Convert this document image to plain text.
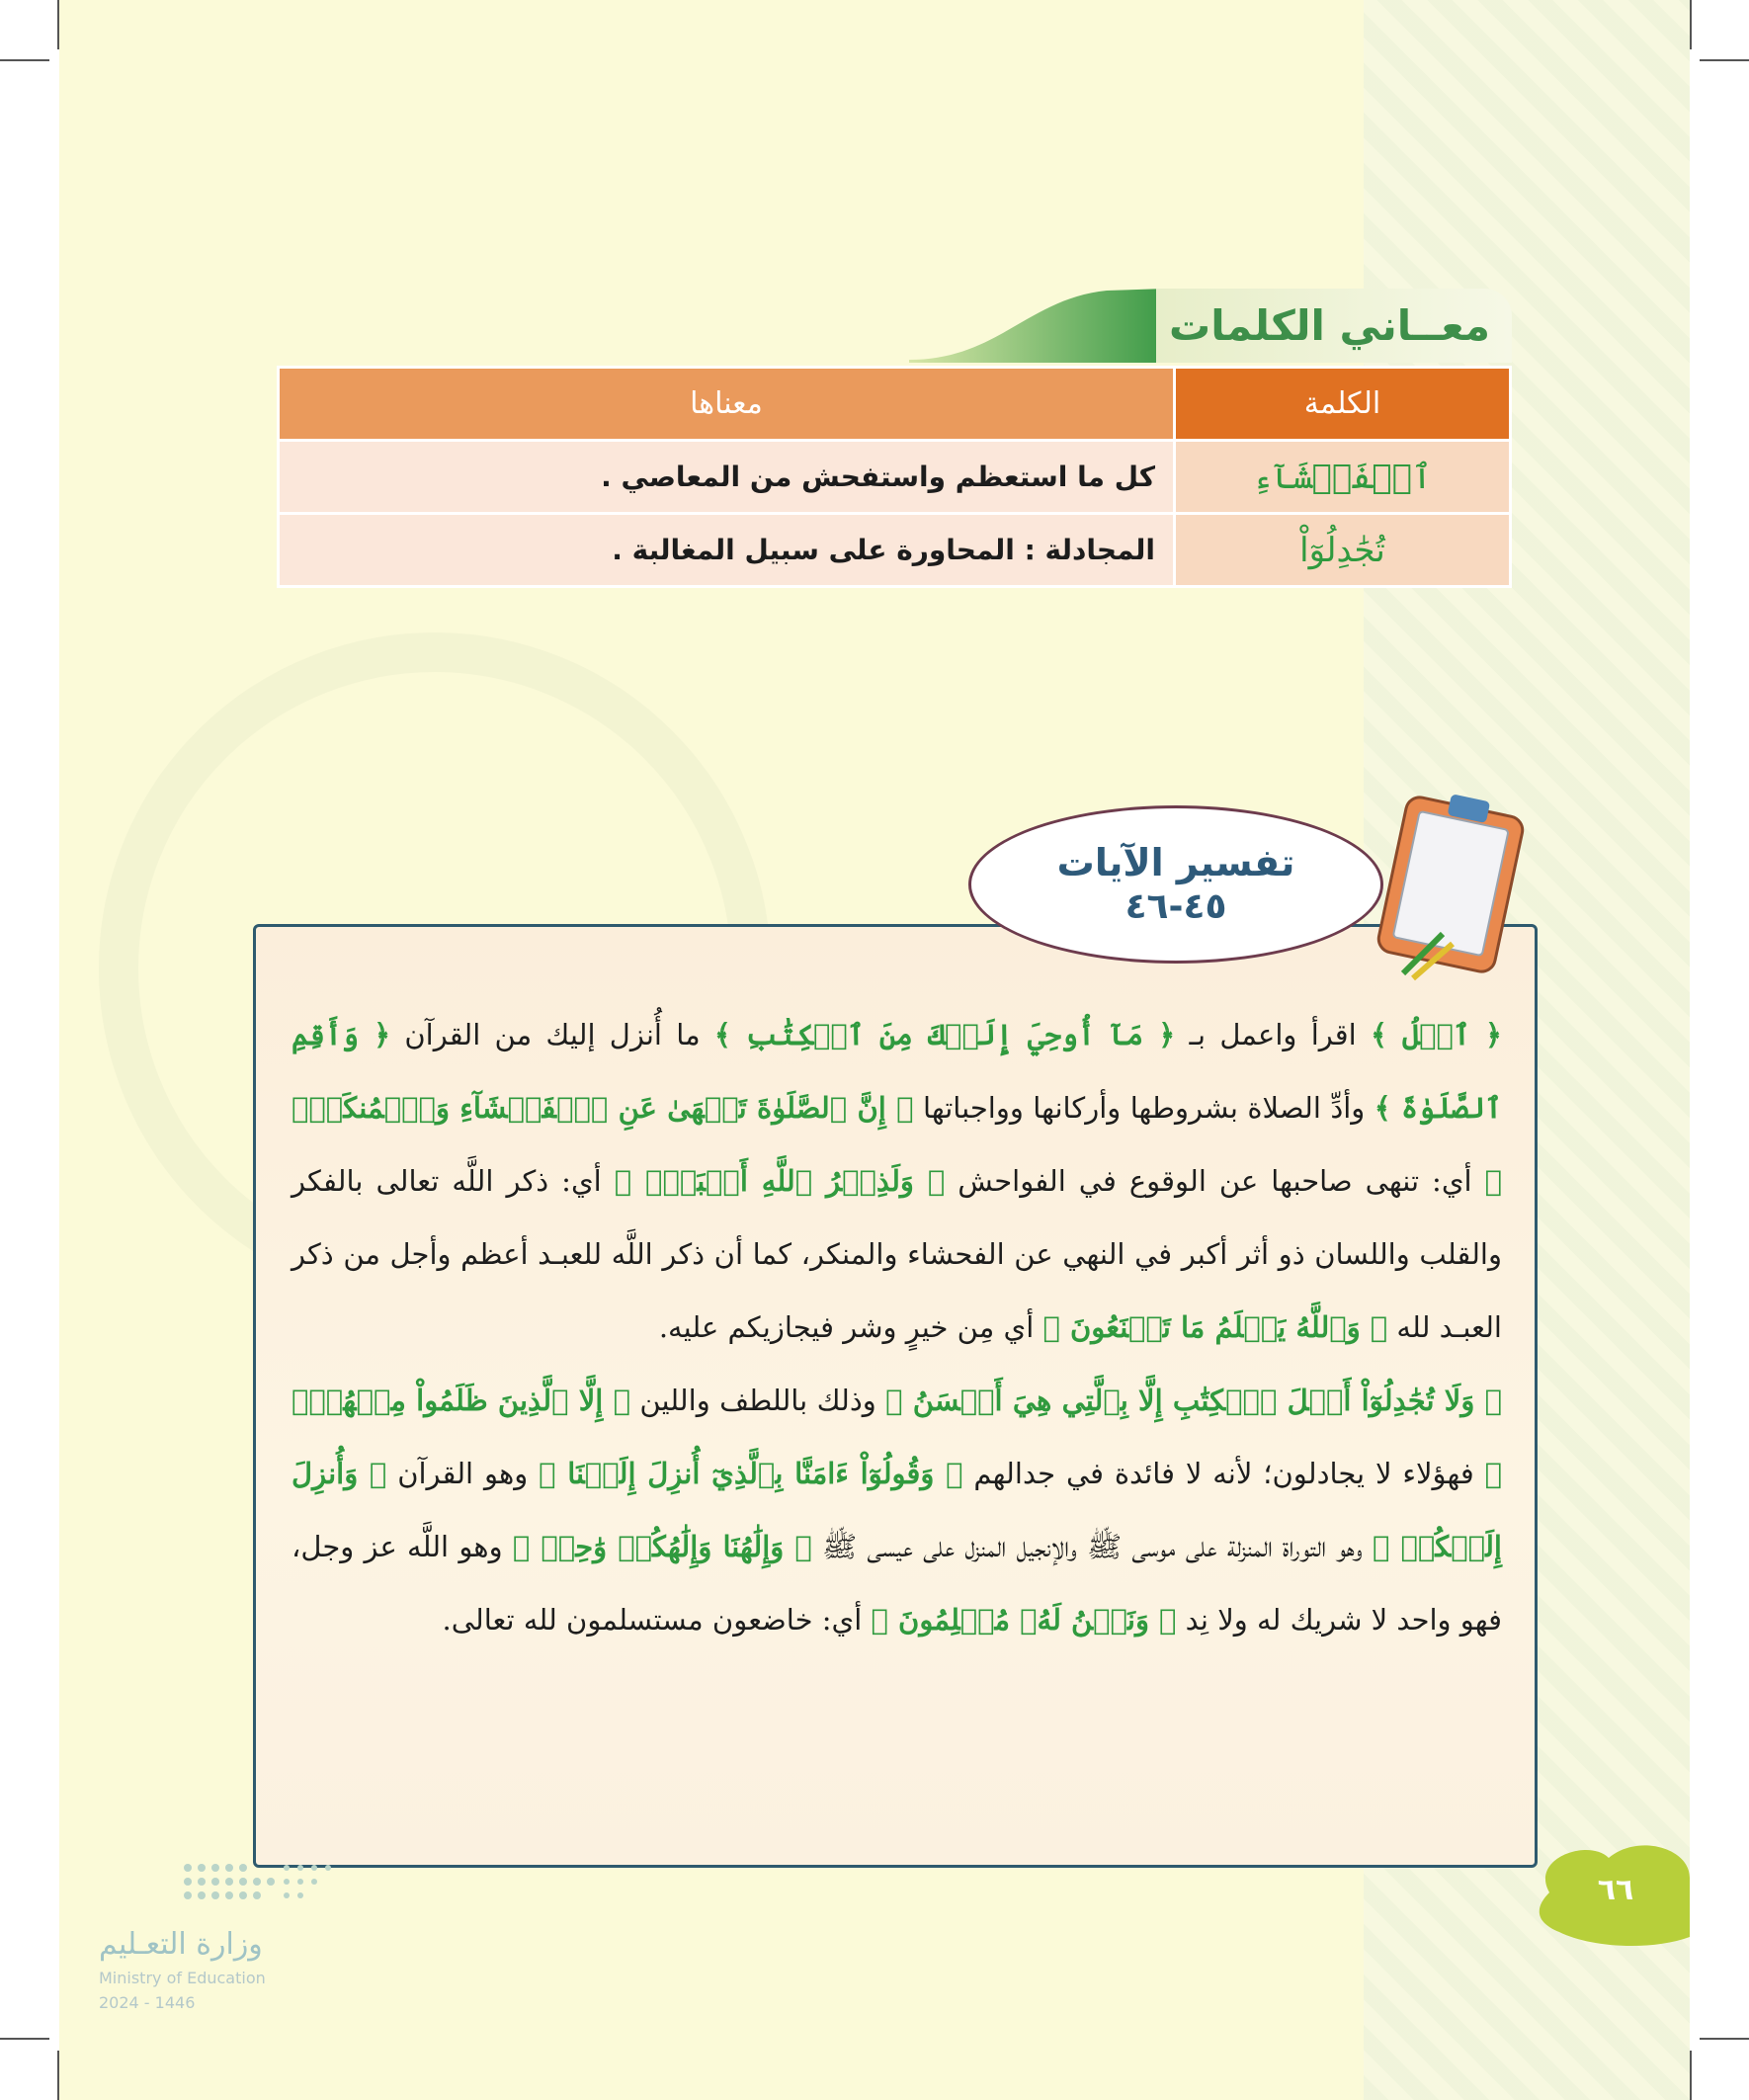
معــاني الكلمات
الكلمة	معناها
ٱلۡفَحۡشَآءِ	كل ما استعظم واستفحش من المعاصي .
تُجَٰدِلُوٓاْ	المجادلة : المحاورة على سبيل المغالبة .
تفسير الآيات
٤٥-٤٦

﴿ ٱتۡلُ ﴾ اقرأ واعمل بـ ﴿ مَآ أُوحِيَ إِلَيۡكَ مِنَ ٱلۡكِتَٰبِ ﴾ ما أُنزل إليك من القرآن ﴿ وَأَقِمِ ٱلصَّلَوٰةَ ﴾ وأدِّ الصلاة بشروطها وأركانها وواجباتها ﴿ إِنَّ ٱلصَّلَوٰةَ تَنۡهَىٰ عَنِ ٱلۡفَحۡشَآءِ وَٱلۡمُنكَرِۗ ﴾ أي: تنهى صاحبها عن الوقوع في الفواحش ﴿ وَلَذِكۡرُ ٱللَّهِ أَكۡبَرُۗ ﴾ أي: ذكر اللَّه تعالى بالفكر والقلب واللسان ذو أثر أكبر في النهي عن الفحشاء والمنكر، كما أن ذكر اللَّه للعبـد أعظم وأجل من ذكر العبـد لله ﴿ وَٱللَّهُ يَعۡلَمُ مَا تَصۡنَعُونَ ﴾ أي مِن خيرٍ وشر فيجازيكم عليه.

﴿ وَلَا تُجَٰدِلُوٓاْ أَهۡلَ ٱلۡكِتَٰبِ إِلَّا بِٱلَّتِي هِيَ أَحۡسَنُ ﴾ وذلك باللطف واللين ﴿ إِلَّا ٱلَّذِينَ ظَلَمُواْ مِنۡهُمۡۖ ﴾ فهؤلاء لا يجادلون؛ لأنه لا فائدة في جدالهم ﴿ وَقُولُوٓاْ ءَامَنَّا بِٱلَّذِيٓ أُنزِلَ إِلَيۡنَا ﴾ وهو القرآن ﴿ وَأُنزِلَ إِلَيۡكُمۡ ﴾ وهو التوراة المنزلة على موسى ﷺ والإنجيل المنزل على عيسى ﷺ ﴿ وَإِلَٰهُنَا وَإِلَٰهُكُمۡ وَٰحِدٞ ﴾ وهو اللَّه عز وجل، فهو واحد لا شريك له ولا نِد ﴿ وَنَحۡنُ لَهُۥ مُسۡلِمُونَ ﴾ أي: خاضعون مستسلمون لله تعالى.

٦٦
وزارة التعـليم
Ministry of Education
2024 - 1446
